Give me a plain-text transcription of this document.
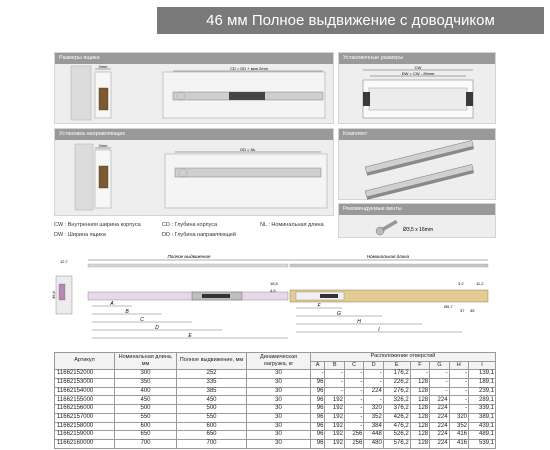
46 мм Полное выдвижение с доводчиком
Размеры ящика
2mm	CD = DD + мин 2mm
Установочные размеры
CW
DW = CW - 26mm
Установка направляющих
2mm
DD = NL
Комплект
Рекомендуемые винты
Ø3,5 x 16mm
CW : Внутренняя ширина корпуса
DW : Ширина ящика
CD : Глубина корпуса
DD : Глубина направляющей
NL : Номинальная длина
Полное выдвижение	Номинальная длина
12,7
45,8
18,5
4,5
3,2	11,2
37 35
Ø5,7
A
B
C
D
E
F
G
H
I
Артикул	Номинальная длина, мм	Полное выдвижение, мм	Динамическая нагрузка, кг	Расположение отверстий								
				A	B	C	D	E	F	G	H	I
11662152000	300	252	30	-	-	-	-	176,2	-	-	-	139,1
11662153000	350	335	30	96	-	-	-	226,2	128	-	-	189,1
11662154000	400	385	30	96	-	-	224	276,2	128	-	-	239,1
11662155000	450	450	30	96	192	-	-	326,2	128	224	-	289,1
11662156000	500	500	30	96	192	-	320	376,2	128	224	-	339,1
11662157000	550	550	30	96	192	-	352	426,2	128	224	320	389,1
11662158000	600	600	30	96	192	-	384	476,2	128	224	352	439,1
11662159000	650	650	30	96	192	256	448	526,2	128	224	416	489,1
11662160000	700	700	30	96	192	256	480	576,2	128	224	416	539,1
